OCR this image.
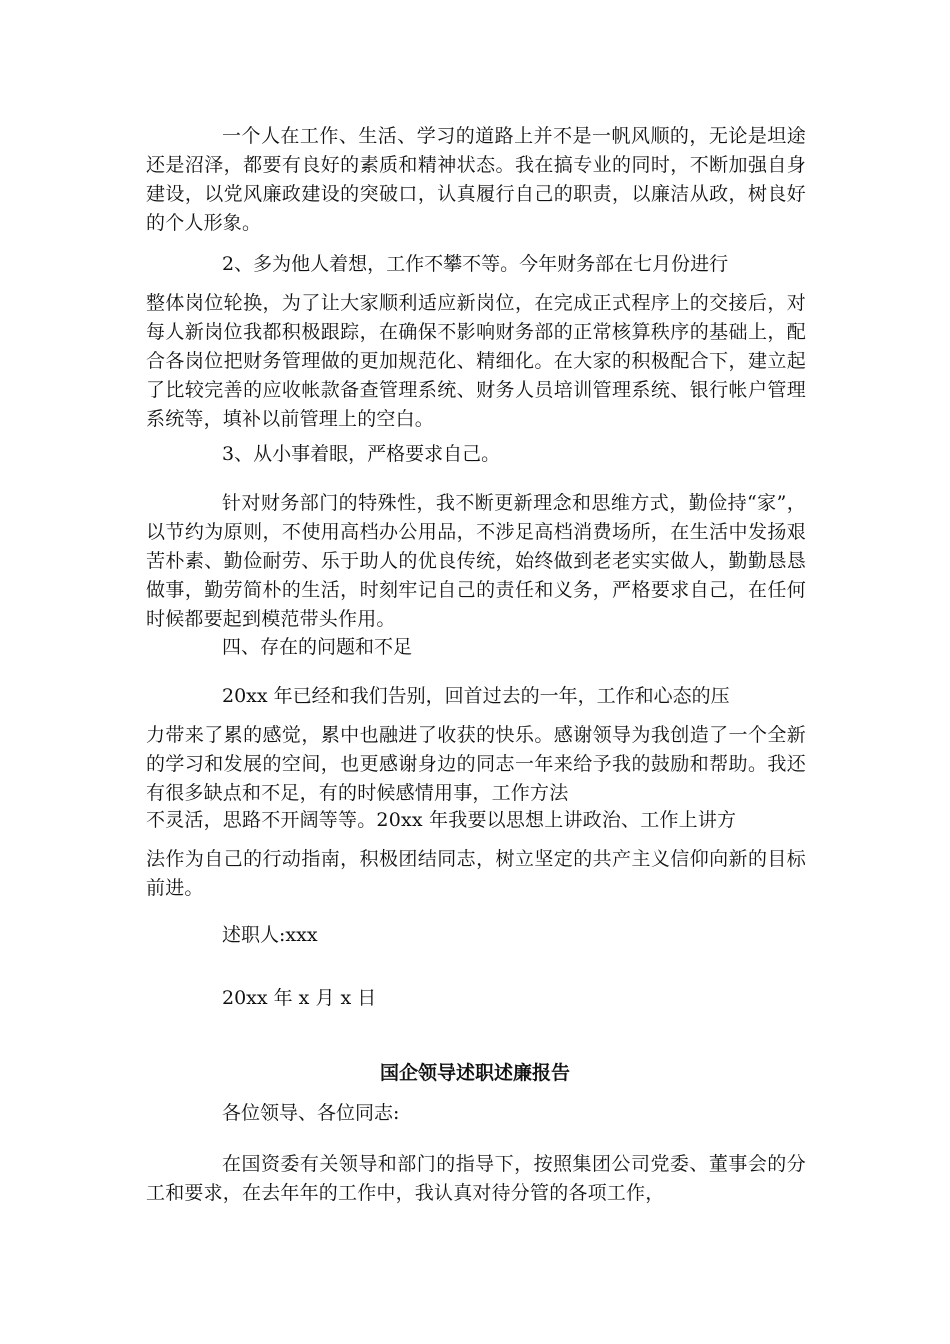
一个人在工作、生活、学习的道路上并不是一帆风顺的，无论是坦途还是沼泽，都要有良好的素质和精神状态。我在搞专业的同时，不断加强自身建设，以党风廉政建设的突破口，认真履行自己的职责，以廉洁从政，树良好的个人形象。

2、多为他人着想，工作不攀不等。今年财务部在七月份进行

整体岗位轮换，为了让大家顺利适应新岗位，在完成正式程序上的交接后，对每人新岗位我都积极跟踪，在确保不影响财务部的正常核算秩序的基础上，配合各岗位把财务管理做的更加规范化、精细化。在大家的积极配合下，建立起了比较完善的应收帐款备查管理系统、财务人员培训管理系统、银行帐户管理系统等，填补以前管理上的空白。

3、从小事着眼，严格要求自己。

针对财务部门的特殊性，我不断更新理念和思维方式，勤俭持“家”，以节约为原则，不使用高档办公用品，不涉足高档消费场所，在生活中发扬艰苦朴素、勤俭耐劳、乐于助人的优良传统，始终做到老老实实做人，勤勤恳恳做事，勤劳简朴的生活，时刻牢记自己的责任和义务，严格要求自己，在任何时候都要起到模范带头作用。

四、存在的问题和不足

20xx 年已经和我们告别，回首过去的一年，工作和心态的压

力带来了累的感觉，累中也融进了收获的快乐。感谢领导为我创造了一个全新的学习和发展的空间，也更感谢身边的同志一年来给予我的鼓励和帮助。我还有很多缺点和不足，有的时候感情用事，工作方法

不灵活，思路不开阔等等。20xx 年我要以思想上讲政治、工作上讲方

法作为自己的行动指南，积极团结同志，树立坚定的共产主义信仰向新的目标前进。

述职人:xxx

20xx 年 x 月 x 日

国企领导述职述廉报告

各位领导、各位同志:

在国资委有关领导和部门的指导下，按照集团公司党委、董事会的分工和要求，在去年年的工作中，我认真对待分管的各项工作，
